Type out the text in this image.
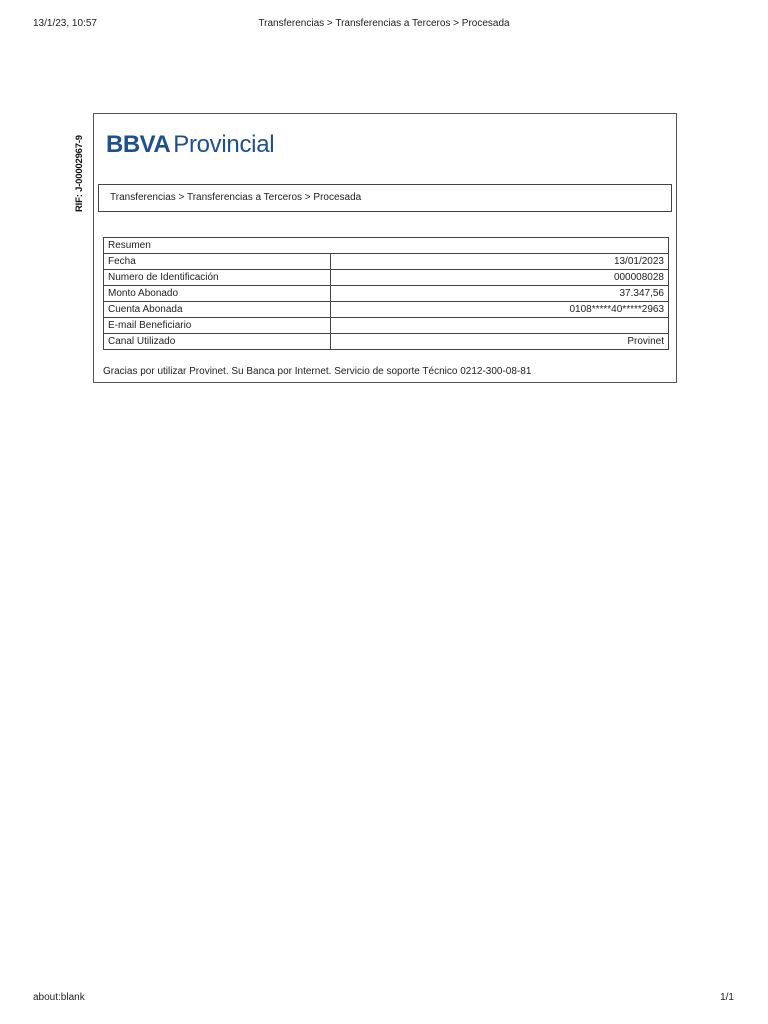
13/1/23, 10:57	Transferencias > Transferencias a Terceros > Procesada
RIF: J-00002967-9 BBVA Provincial
Transferencias > Transferencias a Terceros > Procesada
Resumen	
Fecha	13/01/2023
Numero de Identificación	000008028
Monto Abonado	37.347,56
Cuenta Abonada	0108*****40*****2963
E-mail Beneficiario	
Canal Utilizado	Provinet
Gracias por utilizar Provinet. Su Banca por Internet. Servicio de soporte Técnico 0212-300-08-81
about:blank	1/1
